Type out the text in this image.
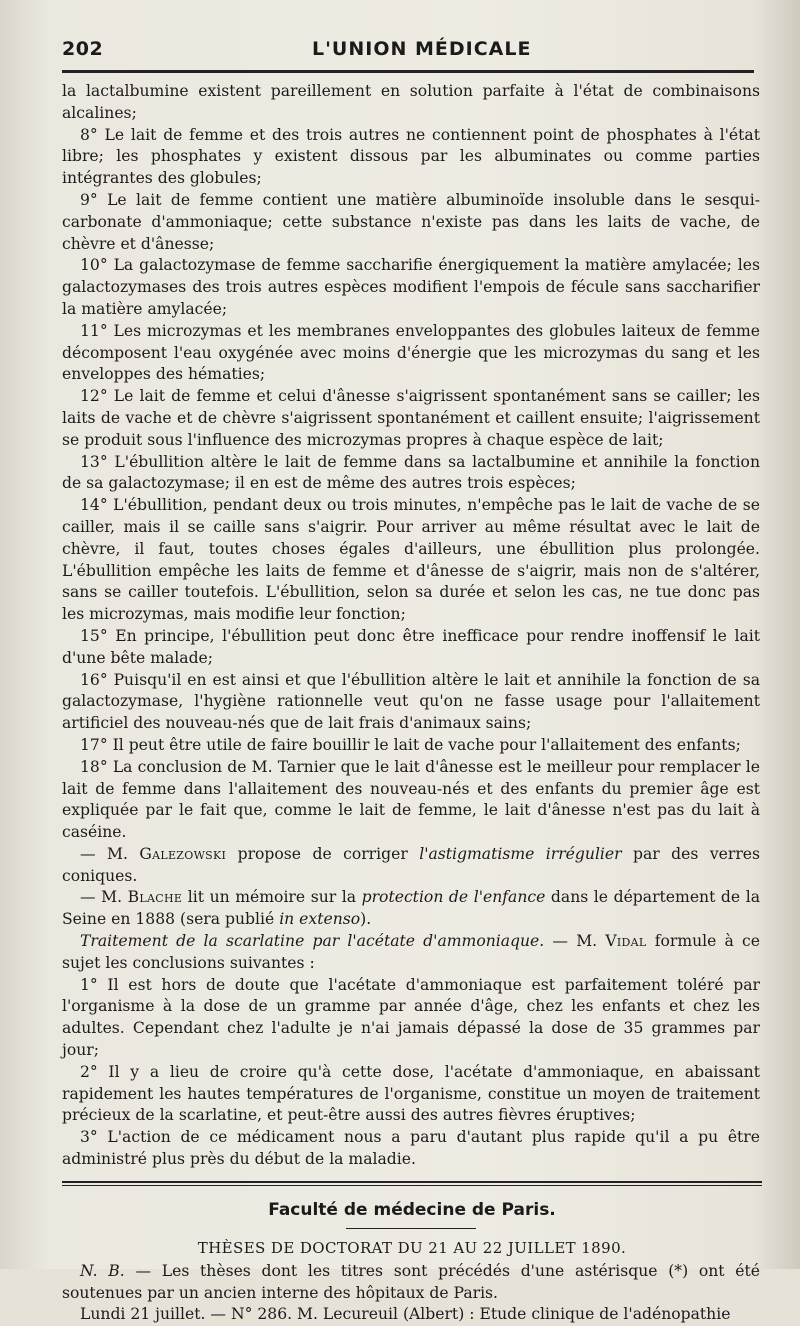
202	L'UNION MÉDICALE

la lactalbumine existent pareillement en solution parfaite à l'état de combinaisons alcalines;

8° Le lait de femme et des trois autres ne contiennent point de phosphates à l'état libre; les phosphates y existent dissous par les albuminates ou comme parties intégrantes des globules;

9° Le lait de femme contient une matière albuminoïde insoluble dans le sesqui-carbonate d'ammoniaque; cette substance n'existe pas dans les laits de vache, de chèvre et d'ânesse;

10° La galactozymase de femme saccharifie énergiquement la matière amylacée; les galactozymases des trois autres espèces modifient l'empois de fécule sans saccharifier la matière amylacée;

11° Les microzymas et les membranes enveloppantes des globules laiteux de femme décomposent l'eau oxygénée avec moins d'énergie que les microzymas du sang et les enveloppes des hématies;

12° Le lait de femme et celui d'ânesse s'aigrissent spontanément sans se cailler; les laits de vache et de chèvre s'aigrissent spontanément et caillent ensuite; l'aigrissement se produit sous l'influence des microzymas propres à chaque espèce de lait;

13° L'ébullition altère le lait de femme dans sa lactalbumine et annihile la fonction de sa galactozymase; il en est de même des autres trois espèces;

14° L'ébullition, pendant deux ou trois minutes, n'empêche pas le lait de vache de se cailler, mais il se caille sans s'aigrir. Pour arriver au même résultat avec le lait de chèvre, il faut, toutes choses égales d'ailleurs, une ébullition plus prolongée. L'ébullition empêche les laits de femme et d'ânesse de s'aigrir, mais non de s'altérer, sans se cailler toutefois. L'ébullition, selon sa durée et selon les cas, ne tue donc pas les microzymas, mais modifie leur fonction;

15° En principe, l'ébullition peut donc être inefficace pour rendre inoffensif le lait d'une bête malade;

16° Puisqu'il en est ainsi et que l'ébullition altère le lait et annihile la fonction de sa galactozymase, l'hygiène rationnelle veut qu'on ne fasse usage pour l'allaitement artificiel des nouveau-nés que de lait frais d'animaux sains;

17° Il peut être utile de faire bouillir le lait de vache pour l'allaitement des enfants;

18° La conclusion de M. Tarnier que le lait d'ânesse est le meilleur pour remplacer le lait de femme dans l'allaitement des nouveau-nés et des enfants du premier âge est expliquée par le fait que, comme le lait de femme, le lait d'ânesse n'est pas du lait à caséine.

— M. Galezowski propose de corriger l'astigmatisme irrégulier par des verres coniques.

— M. Blache lit un mémoire sur la protection de l'enfance dans le département de la Seine en 1888 (sera publié in extenso).

Traitement de la scarlatine par l'acétate d'ammoniaque. — M. Vidal formule à ce sujet les conclusions suivantes :

1° Il est hors de doute que l'acétate d'ammoniaque est parfaitement toléré par l'organisme à la dose de un gramme par année d'âge, chez les enfants et chez les adultes. Cependant chez l'adulte je n'ai jamais dépassé la dose de 35 grammes par jour;

2° Il y a lieu de croire qu'à cette dose, l'acétate d'ammoniaque, en abaissant rapidement les hautes températures de l'organisme, constitue un moyen de traitement précieux de la scarlatine, et peut-être aussi des autres fièvres éruptives;

3° L'action de ce médicament nous a paru d'autant plus rapide qu'il a pu être administré plus près du début de la maladie.

Faculté de médecine de Paris.
THÈSES DE DOCTORAT DU 21 AU 22 JUILLET 1890.

N. B. — Les thèses dont les titres sont précédés d'une astérisque (*) ont été soutenues par un ancien interne des hôpitaux de Paris.

Lundi 21 juillet. — N° 286. M. Lecureuil (Albert) : Etude clinique de l'adénopathie
